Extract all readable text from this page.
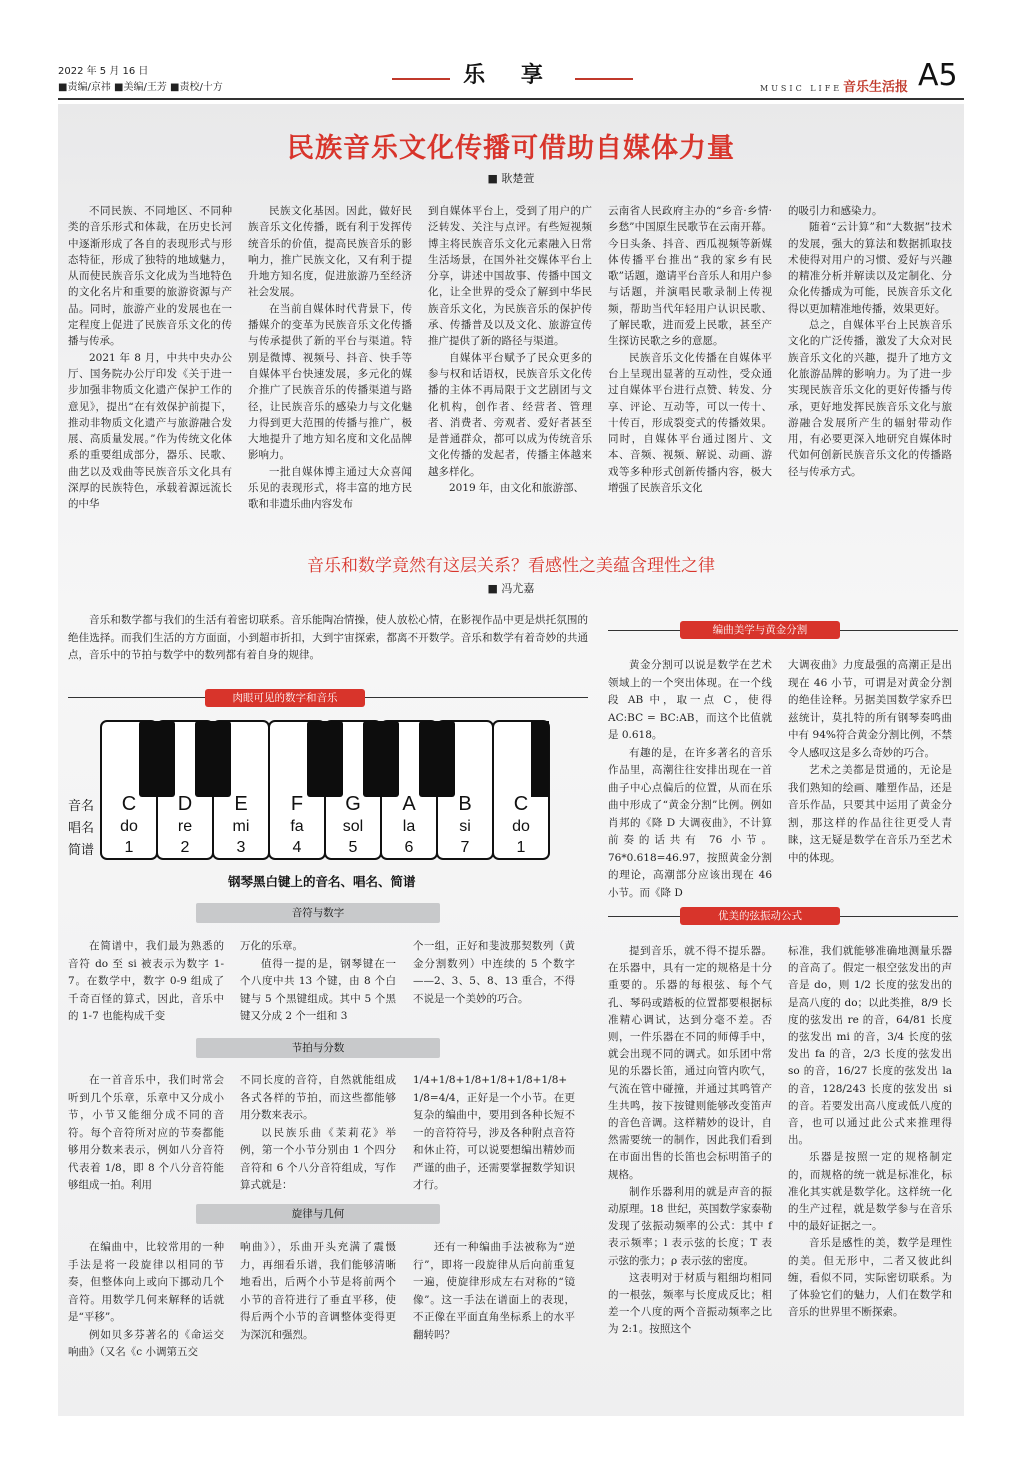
2022 年 5 月 16 日
■责编/京祎 ■美编/王芳 ■责校/十方	乐 享
MUSIC LIFE 音乐生活报 A5
民族音乐文化传播可借助自媒体力量
■ 耿楚萱

不同民族、不同地区、不同种类的音乐形式和体裁，在历史长河中逐渐形成了各自的表现形式与形态特征，形成了独特的地域魅力，从而使民族音乐文化成为当地特色的文化名片和重要的旅游资源与产品。同时，旅游产业的发展也在一定程度上促进了民族音乐文化的传播与传承。

2021 年 8 月，中共中央办公厅、国务院办公厅印发《关于进一步加强非物质文化遗产保护工作的意见》，提出“在有效保护前提下，推动非物质文化遗产与旅游融合发展、高质量发展。”作为传统文化体系的重要组成部分，器乐、民歌、曲艺以及戏曲等民族音乐文化具有深厚的民族特色，承载着源远流长的中华

民族文化基因。因此，做好民族音乐文化传播，既有利于发挥传统音乐的价值，提高民族音乐的影响力，推广民族文化，又有利于提升地方知名度，促进旅游乃至经济社会发展。

在当前自媒体时代背景下，传播媒介的变革为民族音乐文化传播与传承提供了新的平台与渠道。特别是微博、视频号、抖音、快手等自媒体平台快速发展，多元化的媒介推广了民族音乐的传播渠道与路径，让民族音乐的感染力与文化魅力得到更大范围的传播与推广，极大地提升了地方知名度和文化品牌影响力。

一批自媒体博主通过大众喜闻乐见的表现形式，将丰富的地方民歌和非遗乐曲内容发布

到自媒体平台上，受到了用户的广泛转发、关注与点评。有些短视频博主将民族音乐文化元素融入日常生活场景，在国外社交媒体平台上分享，讲述中国故事、传播中国文化，让全世界的受众了解到中华民族音乐文化，为民族音乐的保护传承、传播普及以及文化、旅游宣传推广提供了新的路径与渠道。

自媒体平台赋予了民众更多的参与权和话语权，民族音乐文化传播的主体不再局限于文艺剧团与文化机构，创作者、经营者、管理者、消费者、旁观者、爱好者甚至是普通群众，都可以成为传统音乐文化传播的发起者，传播主体越来越多样化。

2019 年，由文化和旅游部、

云南省人民政府主办的“乡音·乡情·乡愁”中国原生民歌节在云南开幕。今日头条、抖音、西瓜视频等新媒体传播平台推出“我的家乡有民歌”话题，邀请平台音乐人和用户参与话题，并演唱民歌录制上传视频，帮助当代年轻用户认识民歌、了解民歌，进而爱上民歌，甚至产生探访民歌之乡的意愿。

民族音乐文化传播在自媒体平台上呈现出显著的互动性，受众通过自媒体平台进行点赞、转发、分享、评论、互动等，可以一传十、十传百，形成裂变式的传播效果。同时，自媒体平台通过图片、文本、音频、视频、解说、动画、游戏等多种形式创新传播内容，极大增强了民族音乐文化

的吸引力和感染力。

随着“云计算”和“大数据”技术的发展，强大的算法和数据抓取技术使得对用户的习惯、爱好与兴趣的精准分析并解读以及定制化、分众化传播成为可能，民族音乐文化得以更加精准地传播，效果更好。

总之，自媒体平台上民族音乐文化的广泛传播，激发了大众对民族音乐文化的兴趣，提升了地方文化旅游品牌的影响力。为了进一步实现民族音乐文化的更好传播与传承，更好地发挥民族音乐文化与旅游融合发展所产生的辐射带动作用，有必要更深入地研究自媒体时代如何创新民族音乐文化的传播路径与传承方式。

音乐和数学竟然有这层关系？看感性之美蕴含理性之律
■ 冯尤嘉

音乐和数学都与我们的生活有着密切联系。音乐能陶冶情操，使人放松心情，在影视作品中更是烘托氛围的绝佳选择。而我们生活的方方面面，小到超市折扣，大到宇宙探索，都离不开数学。音乐和数学有着奇妙的共通点，音乐中的节拍与数学中的数列都有着自身的规律。

肉眼可见的数字和音乐
音名
唱名
简谱
C
do
1
D
re
2
E
mi
3
F
fa
4
G
sol
5
A
la
6
B
si
7
C
do
1
钢琴黑白键上的音名、唱名、简谱
音符与数字

在简谱中，我们最为熟悉的音符 do 至 si 被表示为数字 1-7。在数学中，数字 0-9 组成了千奇百怪的算式，因此，音乐中的 1-7 也能构成千变

万化的乐章。

值得一提的是，钢琴键在一个八度中共 13 个键，由 8 个白键与 5 个黑键组成。其中 5 个黑键又分成 2 个一组和 3

个一组，正好和斐波那契数列（黄金分割数列）中连续的 5 个数字——2、3、5、8、13 重合，不得不说是一个美妙的巧合。

节拍与分数

在一首音乐中，我们时常会听到几个乐章，乐章中又分成小节，小节又能细分成不同的音符。每个音符所对应的节奏都能够用分数来表示，例如八分音符代表着 1/8，即 8 个八分音符能够组成一拍。利用

不同长度的音符，自然就能组成各式各样的节拍，而这些都能够用分数来表示。

以民族乐曲《茉莉花》举例，第一个小节分别由 1 个四分音符和 6 个八分音符组成，写作算式就是：

1/4+1/8+1/8+1/8+1/8+1/8+1/8=4/4，正好是一个小节。在更复杂的编曲中，要用到各种长短不一的音符符号，涉及各种附点音符和休止符，可以说要想编出精妙而严谨的曲子，还需要掌握数学知识才行。

旋律与几何

在编曲中，比较常用的一种手法是将一段旋律以相同的节奏，但整体向上或向下挪动几个音符。用数学几何来解释的话就是“平移”。

例如贝多芬著名的《命运交响曲》（又名《c 小调第五交

响曲》），乐曲开头充满了震慑力，再细看乐谱，我们能够清晰地看出，后两个小节是将前两个小节的音符进行了垂直平移，使得后两个小节的音调整体变得更为深沉和强烈。

还有一种编曲手法被称为“逆行”，即将一段旋律从后向前重复一遍，使旋律形成左右对称的“镜像”。这一手法在谱面上的表现，不正像在平面直角坐标系上的水平翻转吗？

编曲美学与黄金分割

黄金分割可以说是数学在艺术领域上的一个突出体现。在一个线段 AB 中，取一点 C，使得 AC:BC = BC:AB，而这个比值就是 0.618。

有趣的是，在许多著名的音乐作品里，高潮往往安排出现在一首曲子中心点偏后的位置，从而在乐曲中形成了“黄金分割”比例。例如肖邦的《降 D 大调夜曲》，不计算前奏的话共有 76 小节。76*0.618=46.97，按照黄金分割的理论，高潮部分应该出现在 46 小节。而《降 D

大调夜曲》力度最强的高潮正是出现在 46 小节，可谓是对黄金分割的绝佳诠释。另据美国数学家乔巴兹统计，莫扎特的所有钢琴奏鸣曲中有 94%符合黄金分割比例，不禁令人感叹这是多么奇妙的巧合。

艺术之美都是贯通的，无论是我们熟知的绘画、雕塑作品，还是音乐作品，只要其中运用了黄金分割，那这样的作品往往更受人青睐，这无疑是数学在音乐乃至艺术中的体现。

优美的弦振动公式

提到音乐，就不得不提乐器。在乐器中，具有一定的规格是十分重要的。乐器的每根弦、每个气孔、琴码或踏板的位置都要根据标准精心调试，达到分毫不差。否则，一件乐器在不同的师傅手中，就会出现不同的调式。如乐团中常见的乐器长笛，通过向管内吹气，气流在管中碰撞，并通过其鸣管产生共鸣，按下按键则能够改变笛声的音色音调。这样精妙的设计，自然需要统一的制作，因此我们看到在市面出售的长笛也会标明笛子的规格。

制作乐器利用的就是声音的振动原理。18 世纪，英国数学家泰勒发现了弦振动频率的公式：其中 f 表示频率；l 表示弦的长度；T 表示弦的张力；ρ 表示弦的密度。

这表明对于材质与粗细均相同的一根弦，频率与长度成反比；相差一个八度的两个音振动频率之比为 2:1。按照这个

标准，我们就能够准确地测量乐器的音高了。假定一根空弦发出的声音是 do，则 1/2 长度的弦发出的是高八度的 do；以此类推，8/9 长度的弦发出 re 的音，64/81 长度的弦发出 mi 的音，3/4 长度的弦发出 fa 的音，2/3 长度的弦发出 so 的音，16/27 长度的弦发出 la 的音，128/243 长度的弦发出 si 的音。若要发出高八度或低八度的音，也可以通过此公式来推理得出。

乐器是按照一定的规格制定的，而规格的统一就是标准化，标准化其实就是数学化。这样统一化的生产过程，就是数学参与在音乐中的最好证据之一。

音乐是感性的美，数学是理性的美。但无形中，二者又彼此纠缠，看似不同，实际密切联系。为了体验它们的魅力，人们在数学和音乐的世界里不断探索。
